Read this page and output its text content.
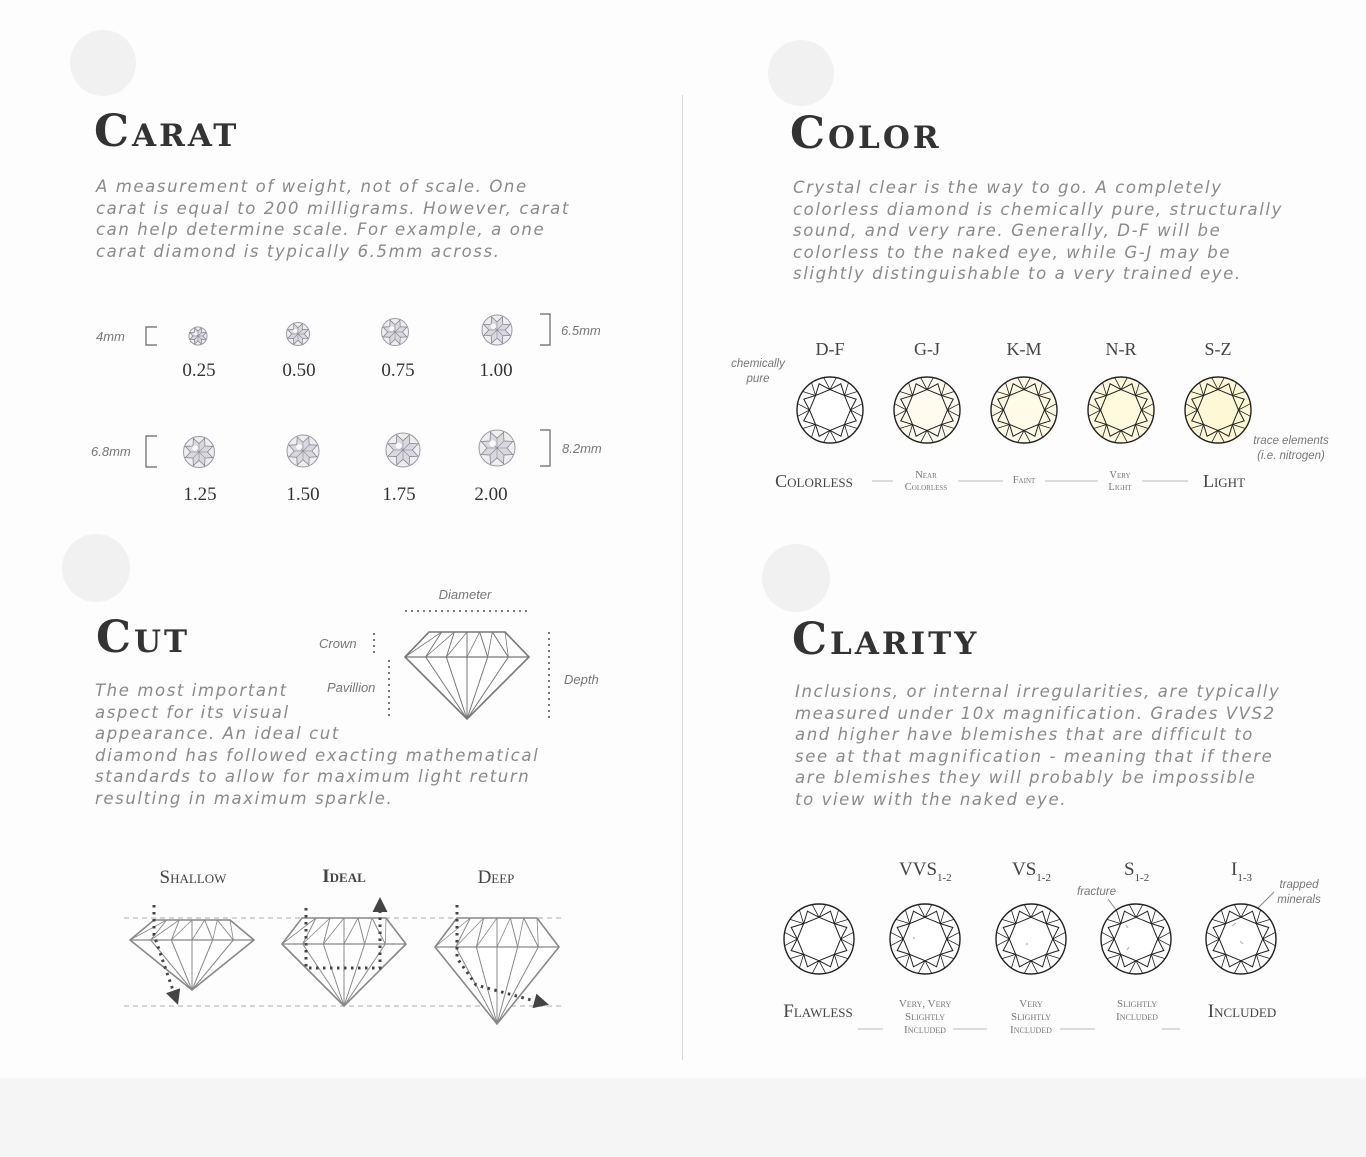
Carat

A measurement of weight, not of scale. One
carat is equal to 200 milligrams. However, carat
can help determine scale. For example, a one
carat diamond is typically 6.5mm across.

Color

Crystal clear is the way to go. A completely
colorless diamond is chemically pure, structurally
sound, and very rare. Generally, D-F will be
colorless to the naked eye, while G-J may be
slightly distinguishable to a very trained eye.

Cut

The most important
aspect for its visual
appearance. An ideal cut
diamond has followed exacting mathematical
standards to allow for maximum light return
resulting in maximum sparkle.

Clarity

Inclusions, or internal irregularities, are typically
measured under 10x magnification. Grades VVS2
and higher have blemishes that are difficult to
see at that magnification - meaning that if there
are blemishes they will probably be impossible
to view with the naked eye.

4mm	6.5mm
6.8mm	8.2mm
0.25	0.50	0.75	1.00
1.25	1.50	1.75	2.00
D-F	G-J	K-M	N-R	S-Z
chemically
pure
trace elements
(i.e. nitrogen)
Colorless	Light
Near
Colorless
Faint	Very
Light
Diameter
Crown
Pavillion
Depth
Shallow	Ideal	Deep	$VVS_{1-2}$	$VS_{1-2}$	$S_{1-2}$	$I_{1-3}$
fracture
trapped
minerals
Flawless	Included
Very, Very
Slightly
Included
Very
Slightly
Included
Slightly
Included
